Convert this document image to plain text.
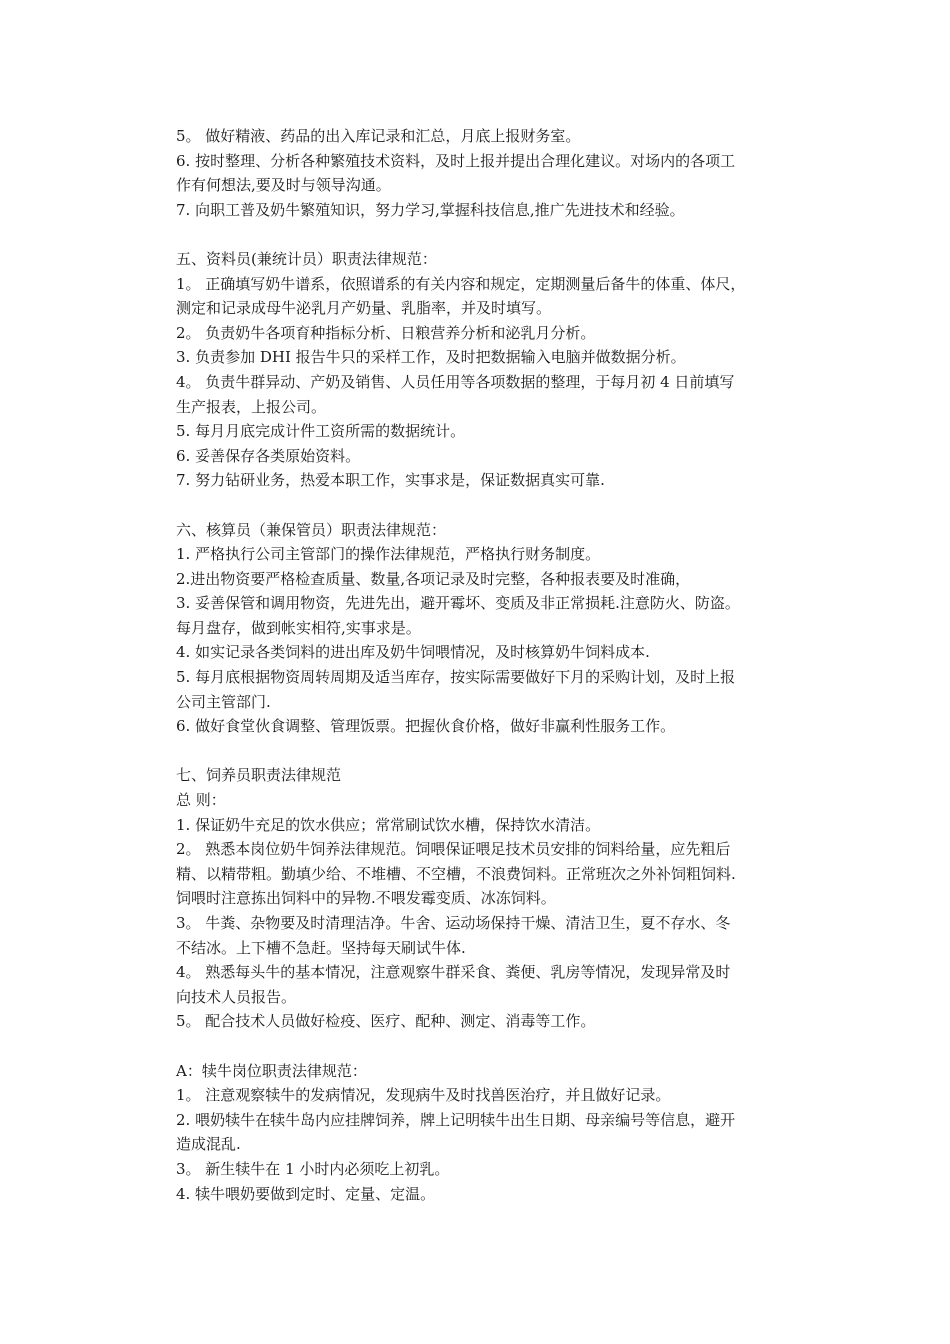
5。 做好精液、药品的出入库记录和汇总，月底上报财务室。
6. 按时整理、分析各种繁殖技术资料，及时上报并提出合理化建议。对场内的各项工
作有何想法,要及时与领导沟通。
7. 向职工普及奶牛繁殖知识，努力学习,掌握科技信息,推广先进技术和经验。
五、资料员(兼统计员）职责法律规范：
1。 正确填写奶牛谱系，依照谱系的有关内容和规定，定期测量后备牛的体重、体尺，
测定和记录成母牛泌乳月产奶量、乳脂率，并及时填写。
2。 负责奶牛各项育种指标分析、日粮营养分析和泌乳月分析。
3. 负责参加 DHI 报告牛只的采样工作，及时把数据输入电脑并做数据分析。
4。 负责牛群异动、产奶及销售、人员任用等各项数据的整理，于每月初 4 日前填写
生产报表，上报公司。
5. 每月月底完成计件工资所需的数据统计。
6. 妥善保存各类原始资料。
7. 努力钻研业务，热爱本职工作，实事求是，保证数据真实可靠.
六、核算员（兼保管员）职责法律规范：
1. 严格执行公司主管部门的操作法律规范，严格执行财务制度。
2.进出物资要严格检查质量、数量,各项记录及时完整，各种报表要及时准确，
3. 妥善保管和调用物资，先进先出，避开霉坏、变质及非正常损耗.注意防火、防盗。
每月盘存，做到帐实相符,实事求是。
4. 如实记录各类饲料的进出库及奶牛饲喂情况，及时核算奶牛饲料成本.
5. 每月底根据物资周转周期及适当库存，按实际需要做好下月的采购计划，及时上报
公司主管部门.
6. 做好食堂伙食调整、管理饭票。把握伙食价格，做好非赢利性服务工作。
七、饲养员职责法律规范
总 则：
1. 保证奶牛充足的饮水供应；常常刷试饮水槽，保持饮水清洁。
2。 熟悉本岗位奶牛饲养法律规范。饲喂保证喂足技术员安排的饲料给量，应先粗后
精、以精带粗。勤填少给、不堆槽、不空槽，不浪费饲料。正常班次之外补饲粗饲料.
饲喂时注意拣出饲料中的异物.不喂发霉变质、冰冻饲料。
3。 牛粪、杂物要及时清理洁净。牛舍、运动场保持干燥、清洁卫生，夏不存水、冬
不结冰。上下槽不急赶。坚持每天刷试牛体.
4。 熟悉每头牛的基本情况，注意观察牛群采食、粪便、乳房等情况，发现异常及时
向技术人员报告。
5。 配合技术人员做好检疫、医疗、配种、测定、消毒等工作。
A：犊牛岗位职责法律规范：
1。 注意观察犊牛的发病情况，发现病牛及时找兽医治疗，并且做好记录。
2. 喂奶犊牛在犊牛岛内应挂牌饲养，牌上记明犊牛出生日期、母亲编号等信息，避开
造成混乱.
3。 新生犊牛在 1 小时内必须吃上初乳。
4. 犊牛喂奶要做到定时、定量、定温。
